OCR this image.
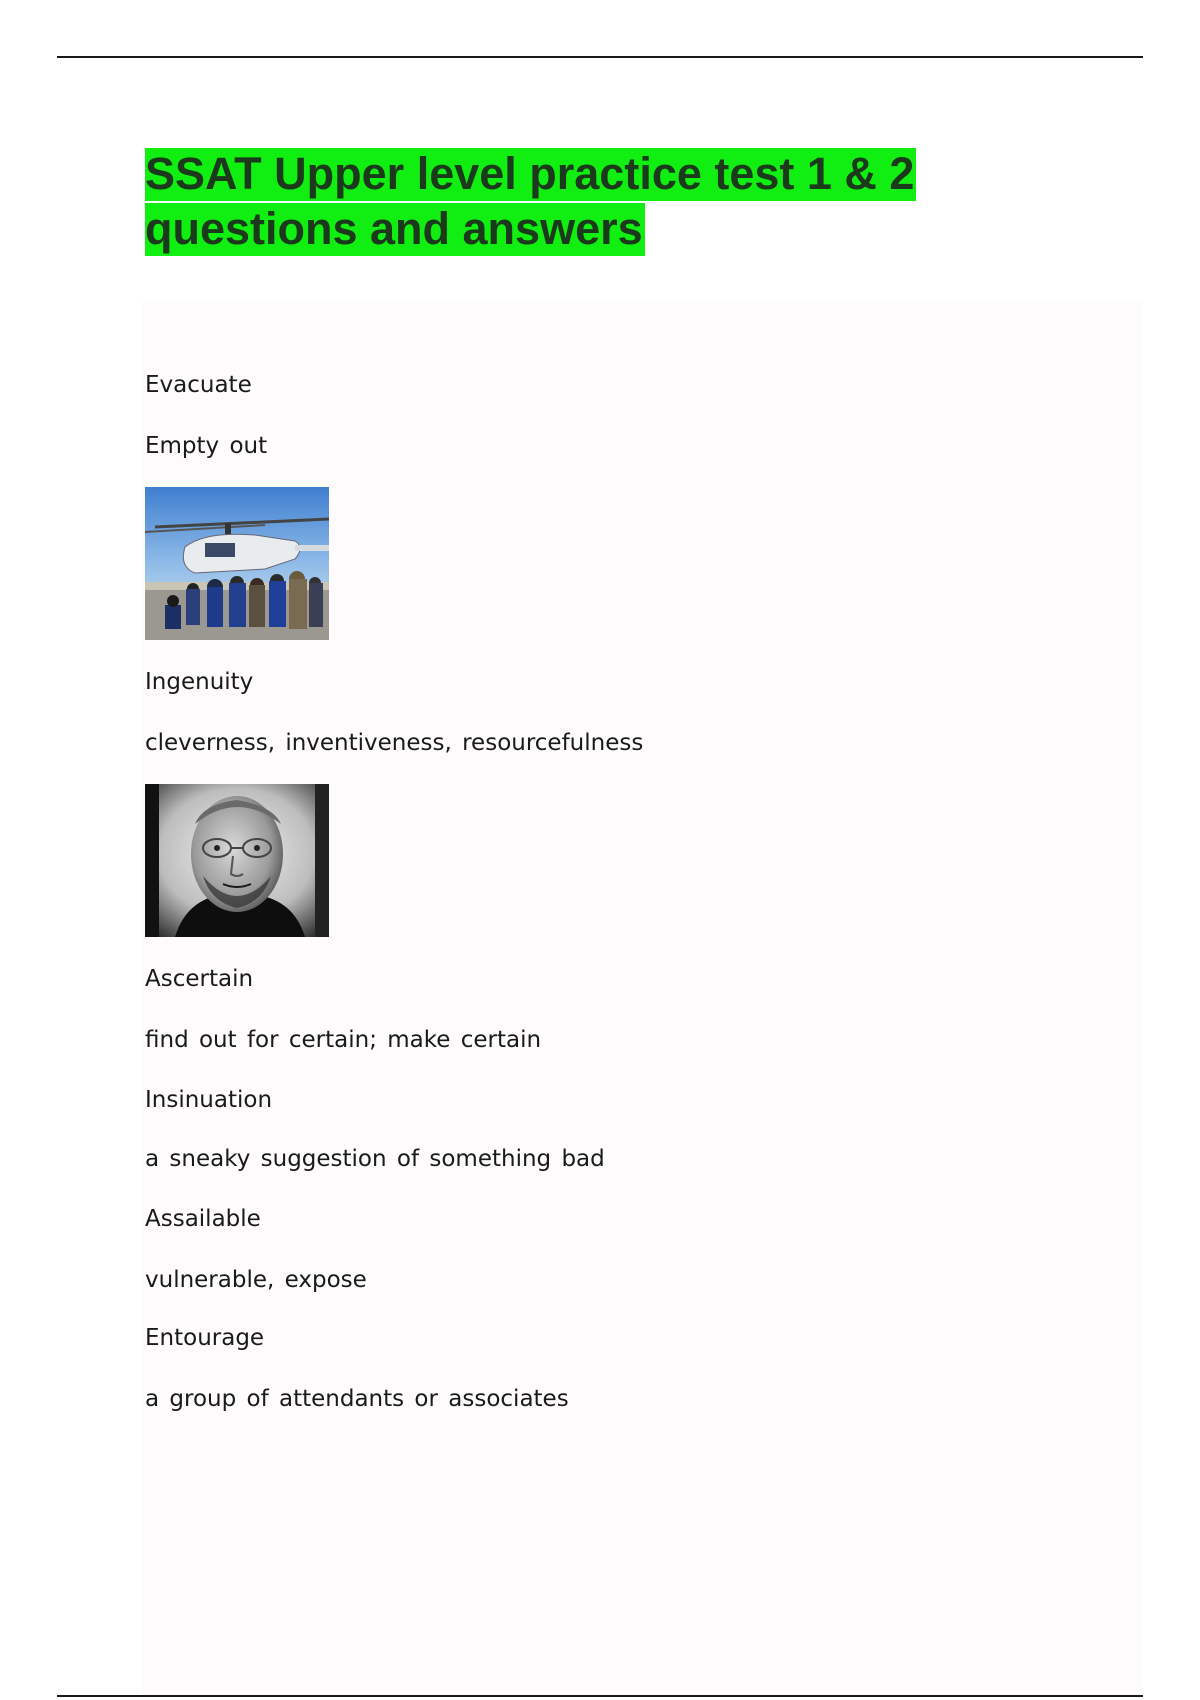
SSAT Upper level practice test 1 & 2
questions and answers
Evacuate
Empty out
Ingenuity
cleverness, inventiveness, resourcefulness
Ascertain
find out for certain; make certain
Insinuation
a sneaky suggestion of something bad
Assailable
vulnerable, expose
Entourage
a group of attendants or associates
